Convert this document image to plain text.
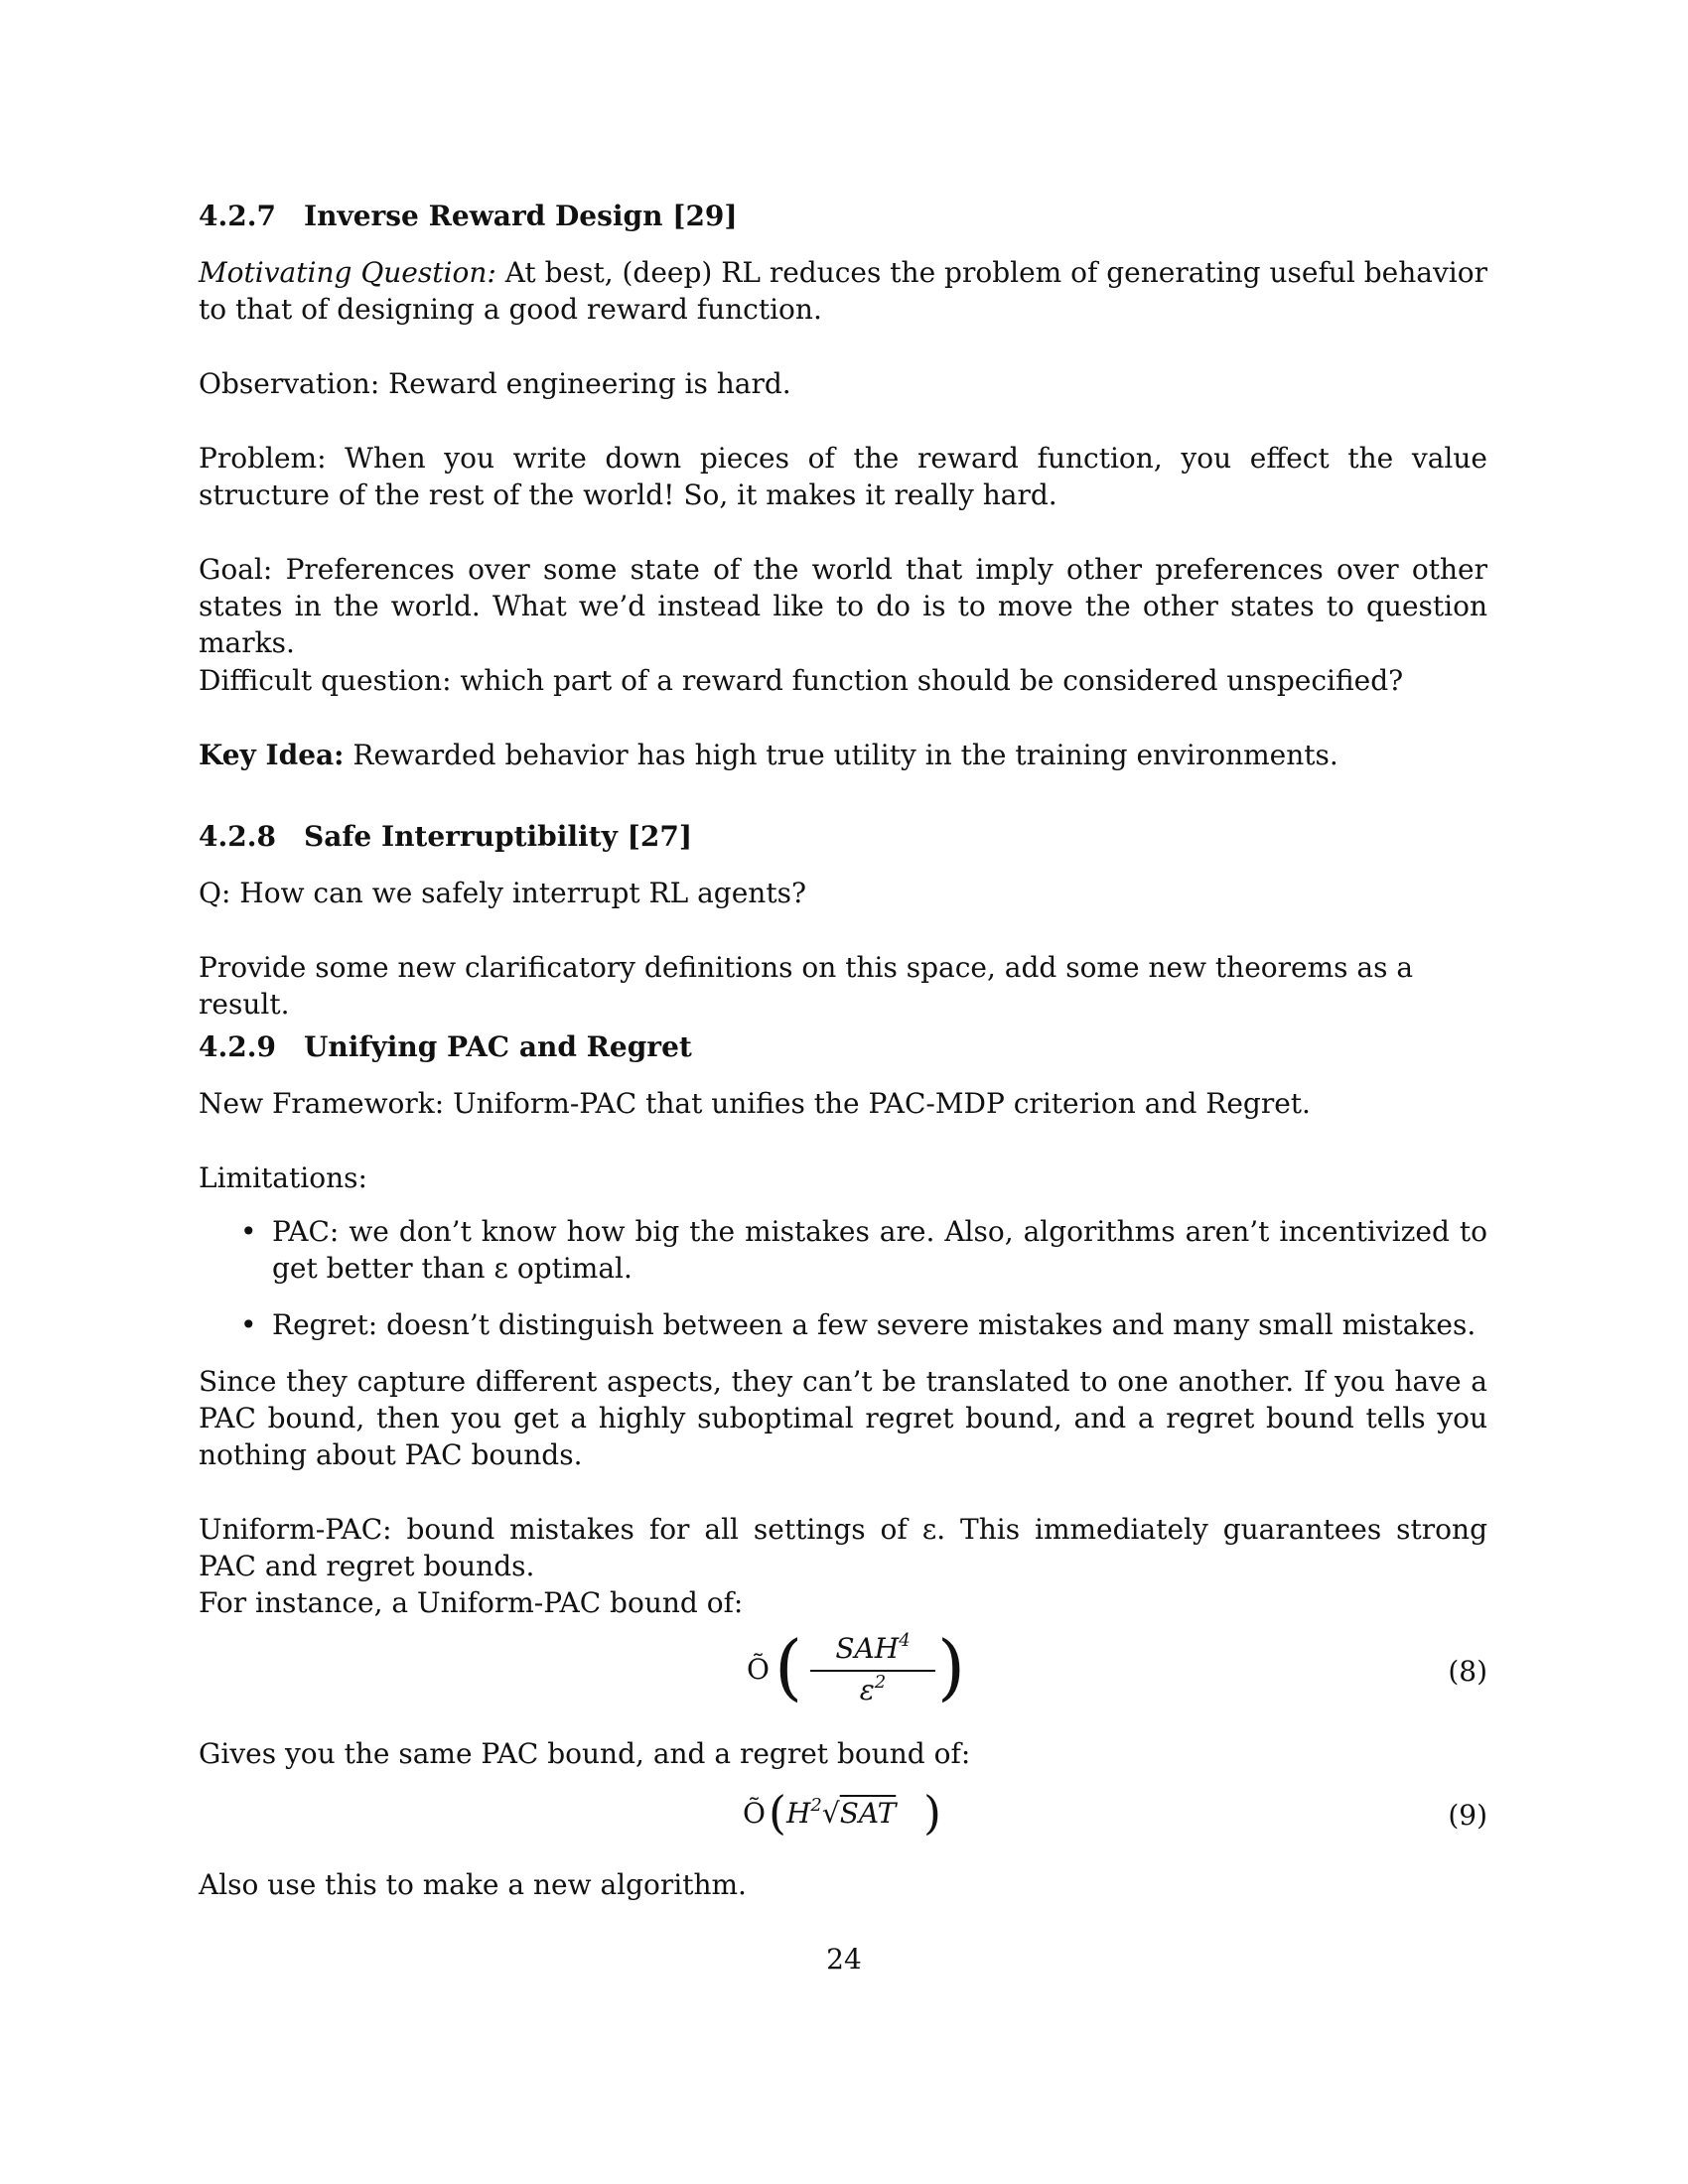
4.2.7 Inverse Reward Design [29]
Motivating Question: At best, (deep) RL reduces the problem of generating useful behavior to that of designing a good reward function.
Observation: Reward engineering is hard.
Problem: When you write down pieces of the reward function, you effect the value structure of the rest of the world! So, it makes it really hard.
Goal: Preferences over some state of the world that imply other preferences over other states in the world. What we’d instead like to do is to move the other states to question marks.
Difficult question: which part of a reward function should be considered unspecified?
Key Idea: Rewarded behavior has high true utility in the training environments.
4.2.8 Safe Interruptibility [27]
Q: How can we safely interrupt RL agents?
Provide some new clarificatory definitions on this space, add some new theorems as a result.
4.2.9 Unifying PAC and Regret
New Framework: Uniform-PAC that unifies the PAC-MDP criterion and Regret.
Limitations:
• PAC: we don’t know how big the mistakes are. Also, algorithms aren’t incentivized to get better than ε optimal.
• Regret: doesn’t distinguish between a few severe mistakes and many small mistakes.
Since they capture different aspects, they can’t be translated to one another. If you have a PAC bound, then you get a highly suboptimal regret bound, and a regret bound tells you nothing about PAC bounds.
Uniform-PAC: bound mistakes for all settings of ε. This immediately guarantees strong PAC and regret bounds.
For instance, a Uniform-PAC bound of:
Õ (	SAH$^4$
$\varepsilon^2$ )	(8)
Gives you the same PAC bound, and a regret bound of:
Õ ( $H^2√SAT$ )	(9)
Also use this to make a new algorithm.
24
